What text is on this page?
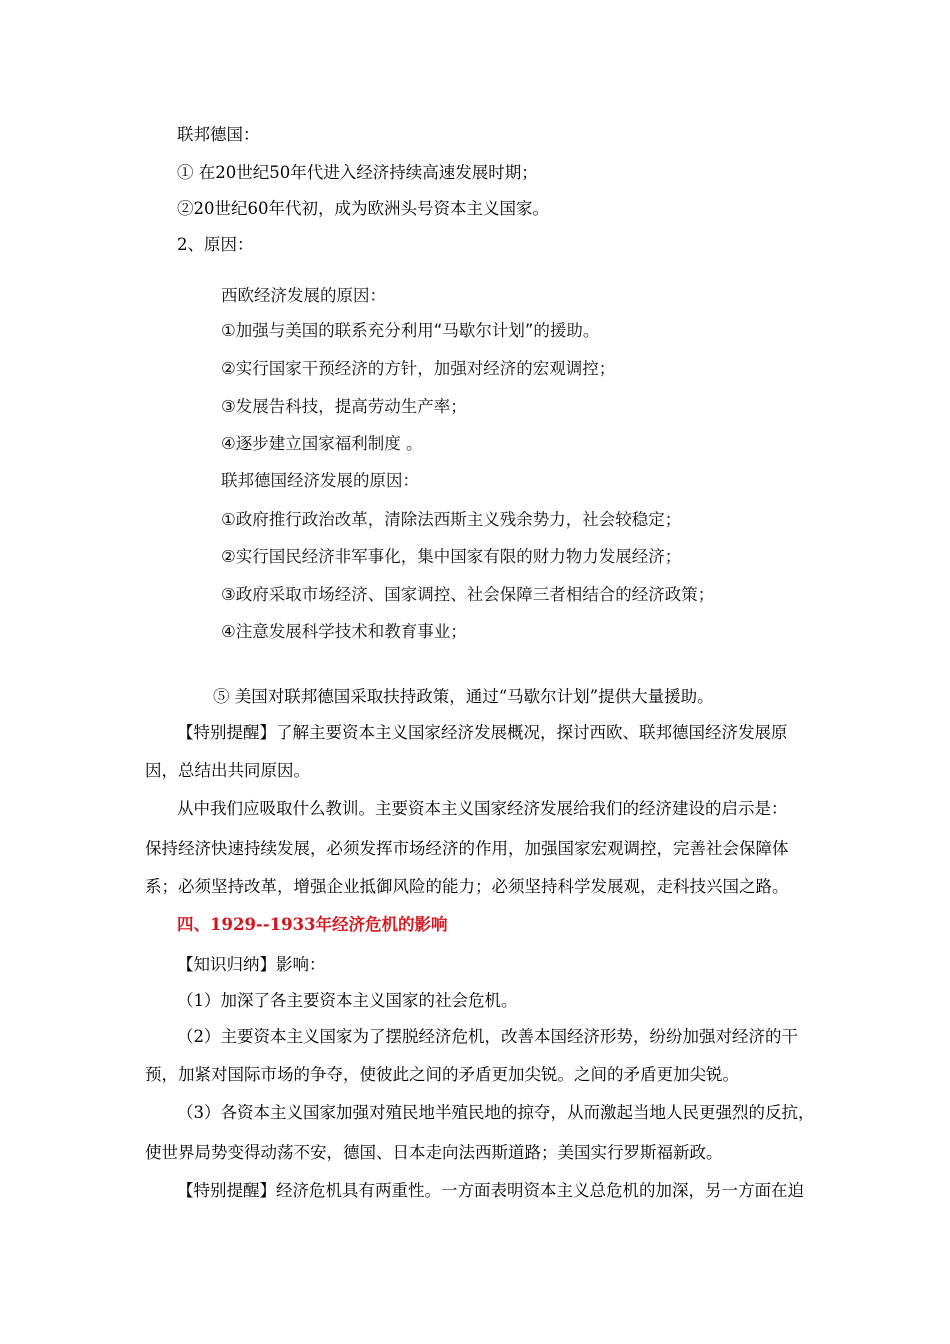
联邦德国：
① 在20世纪50年代进入经济持续高速发展时期；
②20世纪60年代初，成为欧洲头号资本主义国家。
2、原因：
西欧经济发展的原因：
①加强与美国的联系充分利用“马歇尔计划”的援助。
②实行国家干预经济的方针，加强对经济的宏观调控；
③发展告科技，提高劳动生产率；
④逐步建立国家福利制度 。
联邦德国经济发展的原因：
①政府推行政治改革，清除法西斯主义残余势力，社会较稳定；
②实行国民经济非军事化，集中国家有限的财力物力发展经济；
③政府采取市场经济、国家调控、社会保障三者相结合的经济政策；
④注意发展科学技术和教育事业；
⑤ 美国对联邦德国采取扶持政策，通过“马歇尔计划”提供大量援助。
【特别提醒】了解主要资本主义国家经济发展概况，探讨西欧、联邦德国经济发展原
因，总结出共同原因。
从中我们应吸取什么教训。主要资本主义国家经济发展给我们的经济建设的启示是：
保持经济快速持续发展，必须发挥市场经济的作用，加强国家宏观调控，完善社会保障体
系；必须坚持改革，增强企业抵御风险的能力；必须坚持科学发展观，走科技兴国之路。
四、1929--1933年经济危机的影响
【知识归纳】影响：
（1）加深了各主要资本主义国家的社会危机。
（2）主要资本主义国家为了摆脱经济危机，改善本国经济形势，纷纷加强对经济的干
预，加紧对国际市场的争夺，使彼此之间的矛盾更加尖锐。之间的矛盾更加尖锐。
（3）各资本主义国家加强对殖民地半殖民地的掠夺，从而激起当地人民更强烈的反抗，
使世界局势变得动荡不安，德国、日本走向法西斯道路；美国实行罗斯福新政。
【特别提醒】经济危机具有两重性。一方面表明资本主义总危机的加深，另一方面在迫
